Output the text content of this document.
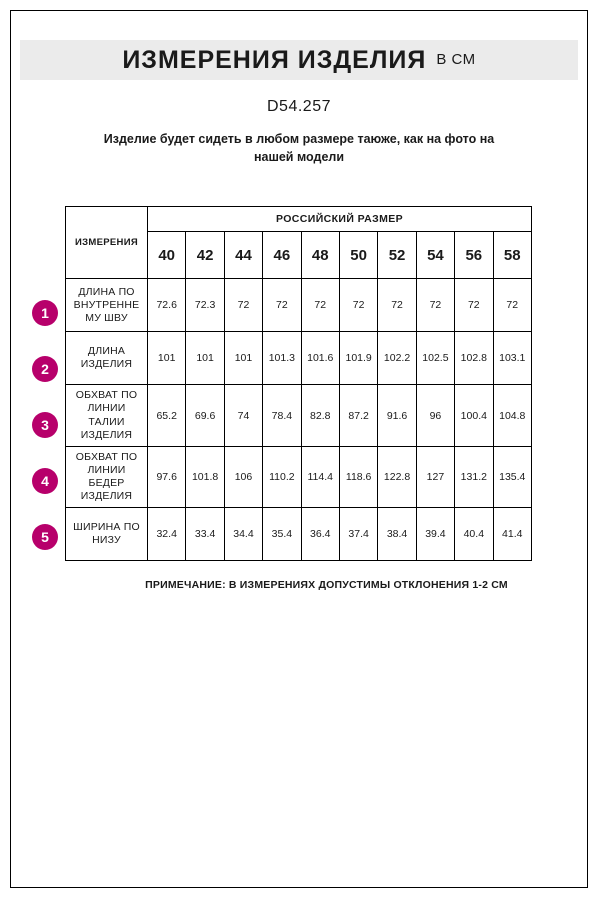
ИЗМЕРЕНИЯ ИЗДЕЛИЯ В СМ
D54.257
Изделие будет сидеть в любом размере таюже, как на фото на нашей модели
1
2
3
4
5
ИЗМЕРЕНИЯ	РОССИЙСКИЙ РАЗМЕР									
	40	42	44	46	48	50	52	54	56	58
ДЛИНА ПО ВНУТРЕННЕ МУ ШВУ	72.6	72.3	72	72	72	72	72	72	72	72
ДЛИНА ИЗДЕЛИЯ	101	101	101	101.3	101.6	101.9	102.2	102.5	102.8	103.1
ОБХВАТ ПО ЛИНИИ ТАЛИИ ИЗДЕЛИЯ	65.2	69.6	74	78.4	82.8	87.2	91.6	96	100.4	104.8
ОБХВАТ ПО ЛИНИИ БЕДЕР ИЗДЕЛИЯ	97.6	101.8	106	110.2	114.4	118.6	122.8	127	131.2	135.4
ШИРИНА ПО НИЗУ	32.4	33.4	34.4	35.4	36.4	37.4	38.4	39.4	40.4	41.4
ПРИМЕЧАНИЕ: В ИЗМЕРЕНИЯХ ДОПУСТИМЫ ОТКЛОНЕНИЯ 1-2 СМ
